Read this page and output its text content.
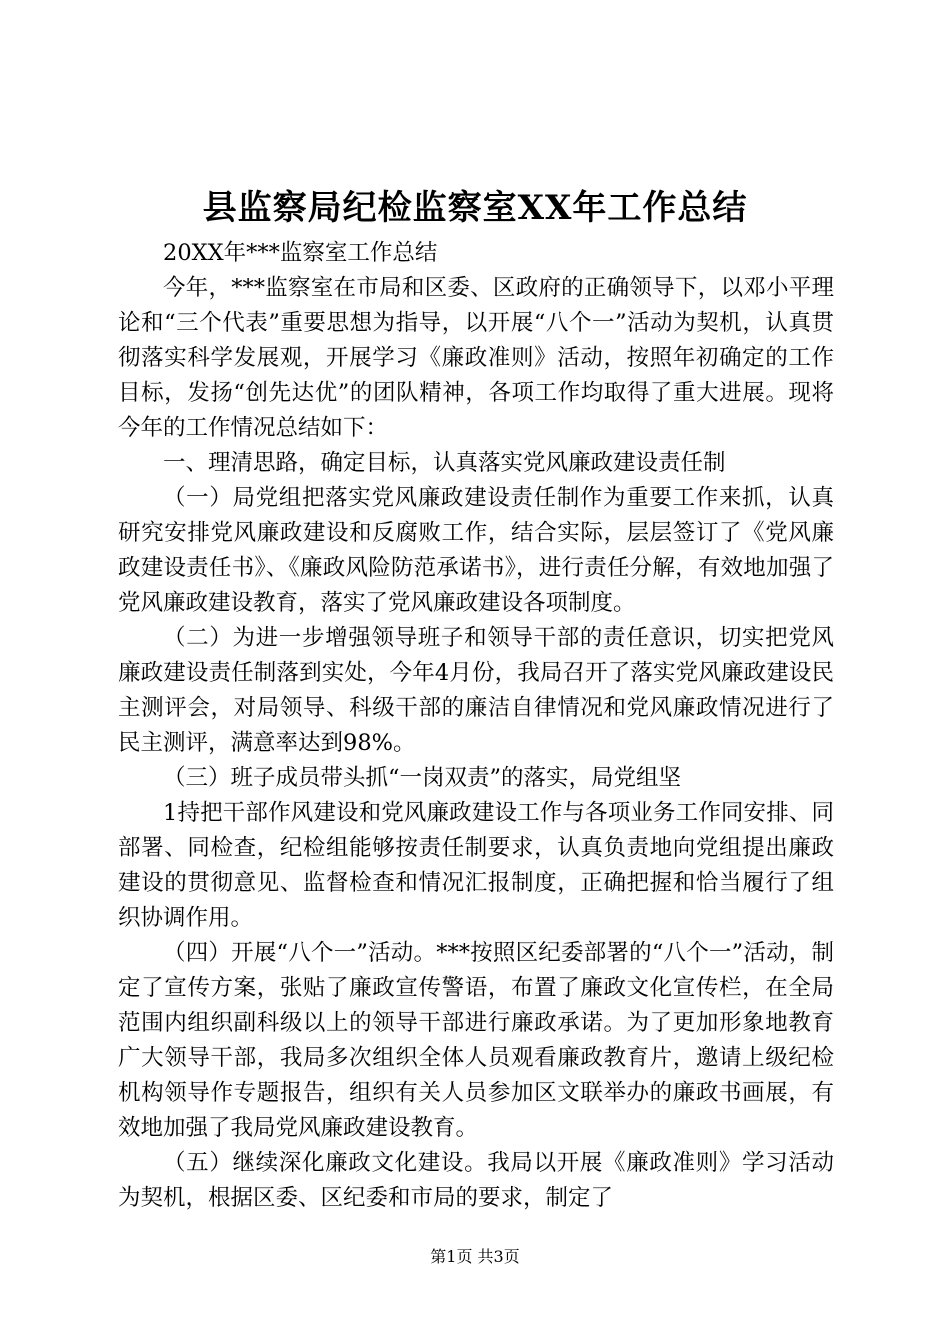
县监察局纪检监察室XX年工作总结

20XX年***监察室工作总结

今年，***监察室在市局和区委、区政府的正确领导下，以邓小平理论和“三个代表”重要思想为指导，以开展“八个一”活动为契机，认真贯彻落实科学发展观，开展学习《廉政准则》活动，按照年初确定的工作目标，发扬“创先达优”的团队精神，各项工作均取得了重大进展。现将今年的工作情况总结如下：

一、理清思路，确定目标，认真落实党风廉政建设责任制

（一）局党组把落实党风廉政建设责任制作为重要工作来抓，认真研究安排党风廉政建设和反腐败工作，结合实际，层层签订了《党风廉政建设责任书》、《廉政风险防范承诺书》，进行责任分解，有效地加强了党风廉政建设教育，落实了党风廉政建设各项制度。

（二）为进一步增强领导班子和领导干部的责任意识，切实把党风廉政建设责任制落到实处，今年4月份，我局召开了落实党风廉政建设民主测评会，对局领导、科级干部的廉洁自律情况和党风廉政情况进行了民主测评，满意率达到98%。

（三）班子成员带头抓“一岗双责”的落实，局党组坚

1持把干部作风建设和党风廉政建设工作与各项业务工作同安排、同部署、同检查，纪检组能够按责任制要求，认真负责地向党组提出廉政建设的贯彻意见、监督检查和情况汇报制度，正确把握和恰当履行了组织协调作用。

（四）开展“八个一”活动。***按照区纪委部署的“八个一”活动，制定了宣传方案，张贴了廉政宣传警语，布置了廉政文化宣传栏，在全局范围内组织副科级以上的领导干部进行廉政承诺。为了更加形象地教育广大领导干部，我局多次组织全体人员观看廉政教育片，邀请上级纪检机构领导作专题报告，组织有关人员参加区文联举办的廉政书画展，有效地加强了我局党风廉政建设教育。

（五）继续深化廉政文化建设。我局以开展《廉政准则》学习活动为契机，根据区委、区纪委和市局的要求，制定了

第1页 共3页
